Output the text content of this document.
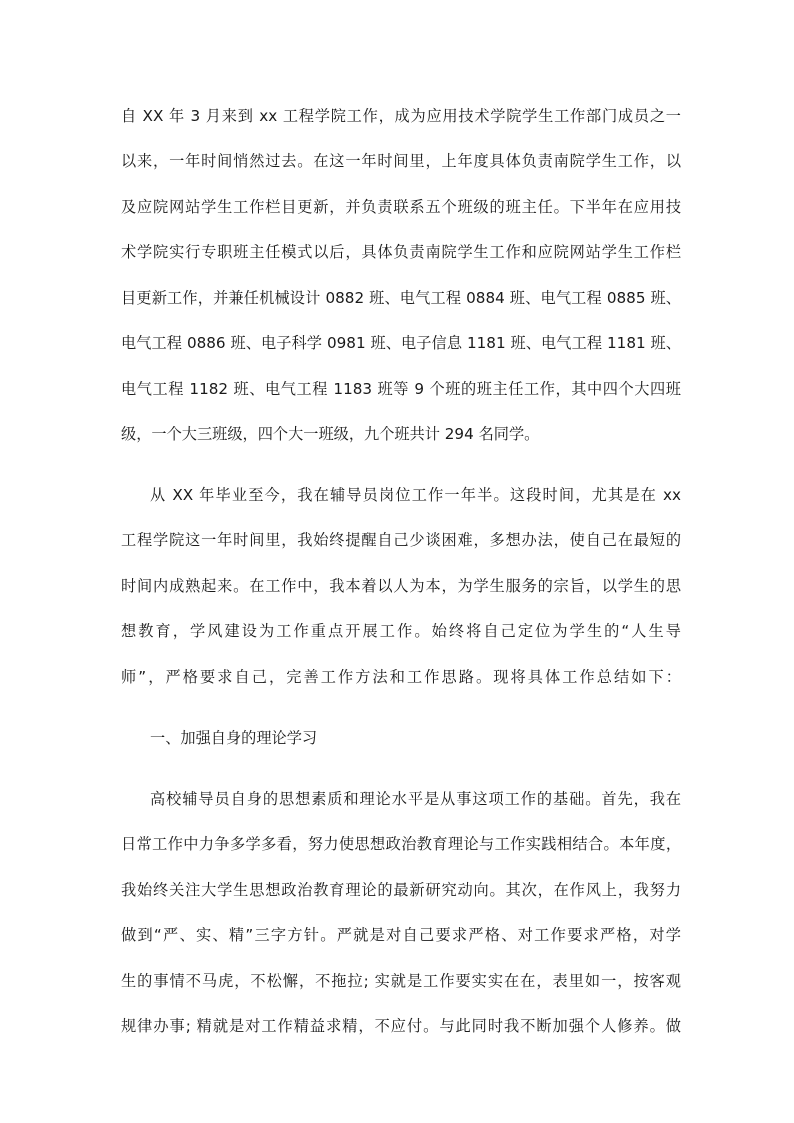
自 XX 年 3 月来到 xx 工程学院工作，成为应用技术学院学生工作部门成员之一
以来，一年时间悄然过去。在这一年时间里，上年度具体负责南院学生工作，以
及应院网站学生工作栏目更新，并负责联系五个班级的班主任。下半年在应用技
术学院实行专职班主任模式以后，具体负责南院学生工作和应院网站学生工作栏
目更新工作，并兼任机械设计 0882 班、电气工程 0884 班、电气工程 0885 班、
电气工程 0886 班、电子科学 0981 班、电子信息 1181 班、电气工程 1181 班、
电气工程 1182 班、电气工程 1183 班等 9 个班的班主任工作，其中四个大四班
级，一个大三班级，四个大一班级，九个班共计 294 名同学。
从 XX 年毕业至今，我在辅导员岗位工作一年半。这段时间，尤其是在 xx
工程学院这一年时间里，我始终提醒自己少谈困难，多想办法，使自己在最短的
时间内成熟起来。在工作中，我本着以人为本，为学生服务的宗旨，以学生的思
想教育，学风建设为工作重点开展工作。始终将自己定位为学生的“人生导
师”，严格要求自己，完善工作方法和工作思路。现将具体工作总结如下：
一、加强自身的理论学习
高校辅导员自身的思想素质和理论水平是从事这项工作的基础。首先，我在
日常工作中力争多学多看，努力使思想政治教育理论与工作实践相结合。本年度，
我始终关注大学生思想政治教育理论的最新研究动向。其次，在作风上，我努力
做到“严、实、精”三字方针。严就是对自己要求严格、对工作要求严格，对学
生的事情不马虎，不松懈，不拖拉; 实就是工作要实实在在，表里如一，按客观
规律办事; 精就是对工作精益求精，不应付。与此同时我不断加强个人修养。做
